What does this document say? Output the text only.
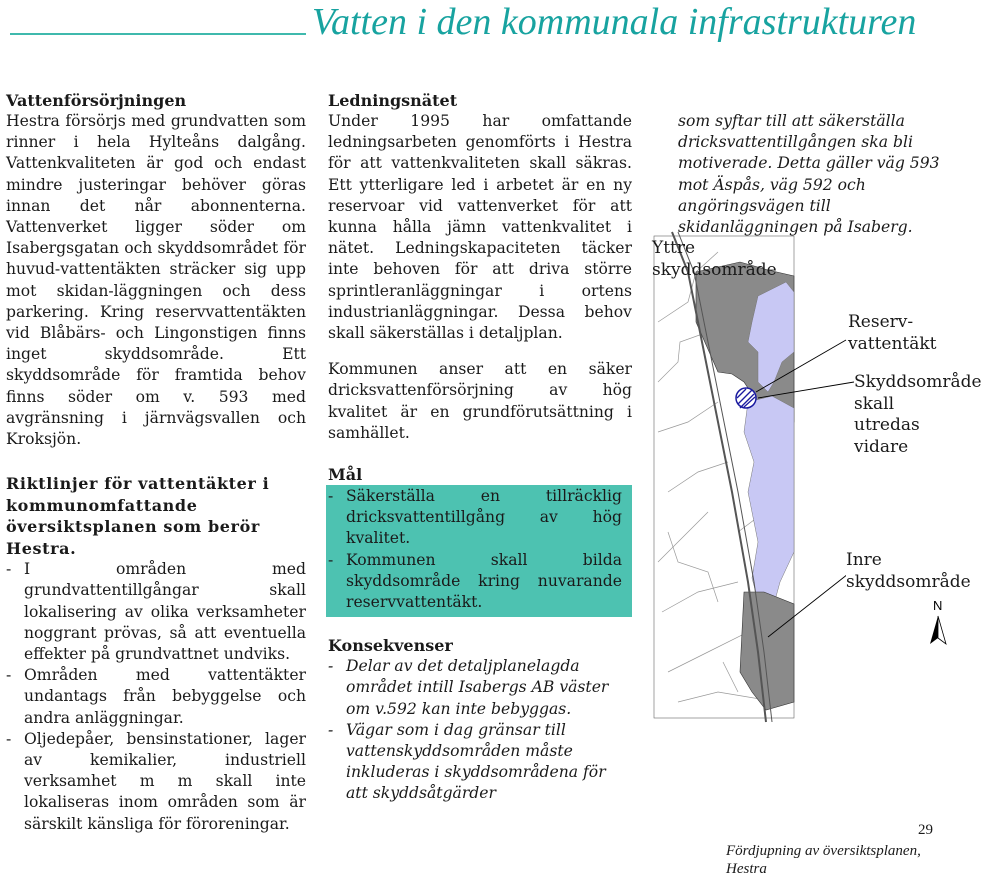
Vatten i den kommunala infrastrukturen

Vattenförsörjningen

Hestra försörjs med grundvatten som rinner i hela Hylteåns dalgång. Vattenkvaliteten är god och endast mindre justeringar behöver göras innan det når abonnenterna. Vattenverket ligger söder om Isabergsgatan och skyddsområdet för huvud-vattentäkten sträcker sig upp mot skidan-läggningen och dess parkering. Kring reservvattentäkten vid Blåbärs- och Lingonstigen finns inget skyddsområde. Ett skyddsområde för framtida behov finns söder om v. 593 med avgränsning i järnvägsvallen och Kroksjön.

Riktlinjer för vattentäkter i kommunomfattande översiktsplanen som berör Hestra.

- I områden med grundvattentillgångar skall lokalisering av olika verksamheter noggrant prövas, så att eventuella effekter på grundvattnet undviks.
- Områden med vattentäkter undantags från bebyggelse och andra anläggningar.
- Oljedepåer, bensinstationer, lager av kemikalier, industriell verksamhet m m skall inte lokaliseras inom områden som är särskilt känsliga för föroreningar.

Ledningsnätet

Under 1995 har omfattande ledningsarbeten genomförts i Hestra för att vattenkvaliteten skall säkras. Ett ytterligare led i arbetet är en ny reservoar vid vattenverket för att kunna hålla jämn vattenkvalitet i nätet. Ledningskapaciteten täcker inte behoven för att driva större sprintleranläggningar i ortens industrianläggningar. Dessa behov skall säkerställas i detaljplan.

Kommunen anser att en säker dricksvattenförsörjning av hög kvalitet är en grundförutsättning i samhället.

Mål

- Säkerställa en tillräcklig dricksvattentillgång av hög kvalitet.
- Kommunen skall bilda skyddsområde kring nuvarande reservvattentäkt.

Konsekvenser

- Delar av det detaljplanelagda området intill Isabergs AB väster om v.592 kan inte bebyggas.
- Vägar som i dag gränsar till vattenskyddsområden måste inkluderas i skyddsområdena för att skyddsåtgärder

som syftar till att säkerställa dricksvattentillgången ska bli motiverade. Detta gäller väg 593 mot Äspås, väg 592 och angöringsvägen till skidanläggningen på Isaberg.

N
Yttre skyddsområde
Reserv-vattentäkt
Skyddsområde skall utredas vidare
Inre skyddsområde
29
Fördjupning av översiktsplanen, Hestra
